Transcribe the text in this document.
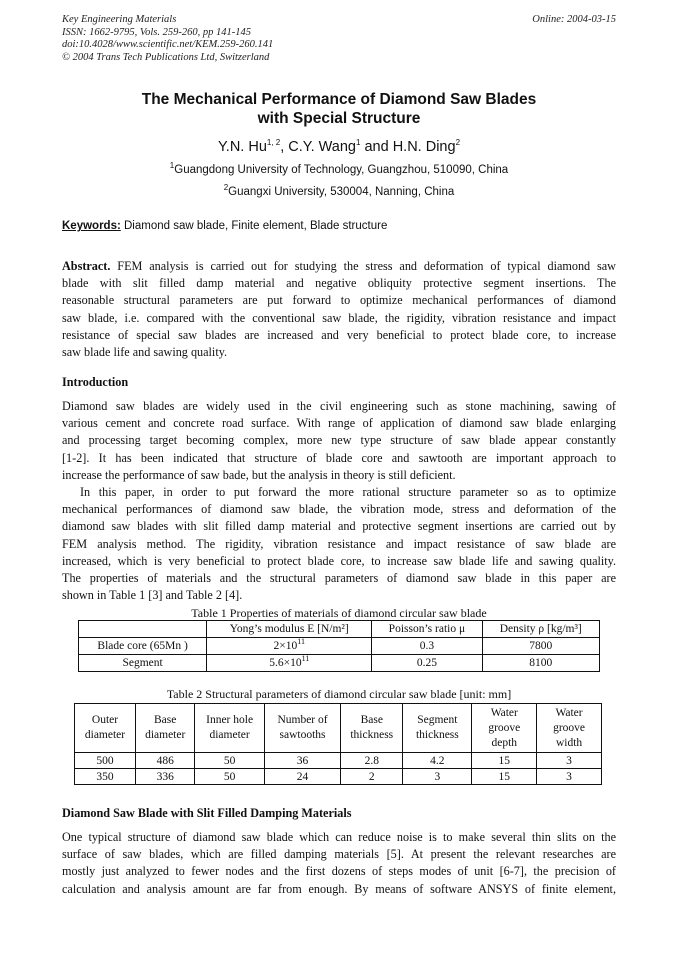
Key Engineering Materials
ISSN: 1662-9795, Vols. 259-260, pp 141-145
doi:10.4028/www.scientific.net/KEM.259-260.141
© 2004 Trans Tech Publications Ltd, Switzerland
Online: 2004-03-15
The Mechanical Performance of Diamond Saw Blades
with Special Structure
Y.N. Hu$^{1, 2}$, C.Y. Wang$^1$ and H.N. Ding$^2$
$^1$Guangdong University of Technology, Guangzhou, 510090, China
$^2$Guangxi University, 530004, Nanning, China
Keywords: Diamond saw blade, Finite element, Blade structure
Abstract. FEM analysis is carried out for studying the stress and deformation of typical diamond saw
blade with slit filled damp material and negative obliquity protective segment insertions. The
reasonable structural parameters are put forward to optimize mechanical performances of diamond
saw blade, i.e. compared with the conventional saw blade, the rigidity, vibration resistance and impact
resistance of special saw blades are increased and very beneficial to protect blade core, to increase
saw blade life and sawing quality.
Introduction
Diamond saw blades are widely used in the civil engineering such as stone machining, sawing of
various cement and concrete road surface. With range of application of diamond saw blade enlarging
and processing target becoming complex, more new type structure of saw blade appear constantly
[1-2]. It has been indicated that structure of blade core and sawtooth are important approach to
increase the performance of saw bade, but the analysis in theory is still deficient.
In this paper, in order to put forward the more rational structure parameter so as to optimize
mechanical performances of diamond saw blade, the vibration mode, stress and deformation of the
diamond saw blades with slit filled damp material and protective segment insertions are carried out by
FEM analysis method. The rigidity, vibration resistance and impact resistance of saw blade are
increased, which is very beneficial to protect blade core, to increase saw blade life and sawing quality.
The properties of materials and the structural parameters of diamond saw blade in this paper are
shown in Table 1 [3] and Table 2 [4].
Table 1 Properties of materials of diamond circular saw blade
	Yong’s modulus E [N/m²]	Poisson’s ratio μ	Density ρ [kg/m³]
Blade core (65Mn )	$2\times 10^{11}$	0.3	7800
Segment	$5.6\times 10^{11}$	0.25	8100
Table 2 Structural parameters of diamond circular saw blade [unit: mm]
Outer diameter	Base diameter	Inner hole diameter	Number of sawtooths	Base thickness	Segment thickness	Water groove depth	Water groove width
500	486	50	36	2.8	4.2	15	3
350	336	50	24	2	3	15	3
Diamond Saw Blade with Slit Filled Damping Materials
One typical structure of diamond saw blade which can reduce noise is to make several thin slits on the
surface of saw blades, which are filled damping materials [5]. At present the relevant researches are
mostly just analyzed to fewer nodes and the first dozens of steps modes of unit [6-7], the precision of
calculation and analysis amount are far from enough. By means of software ANSYS of finite element,
